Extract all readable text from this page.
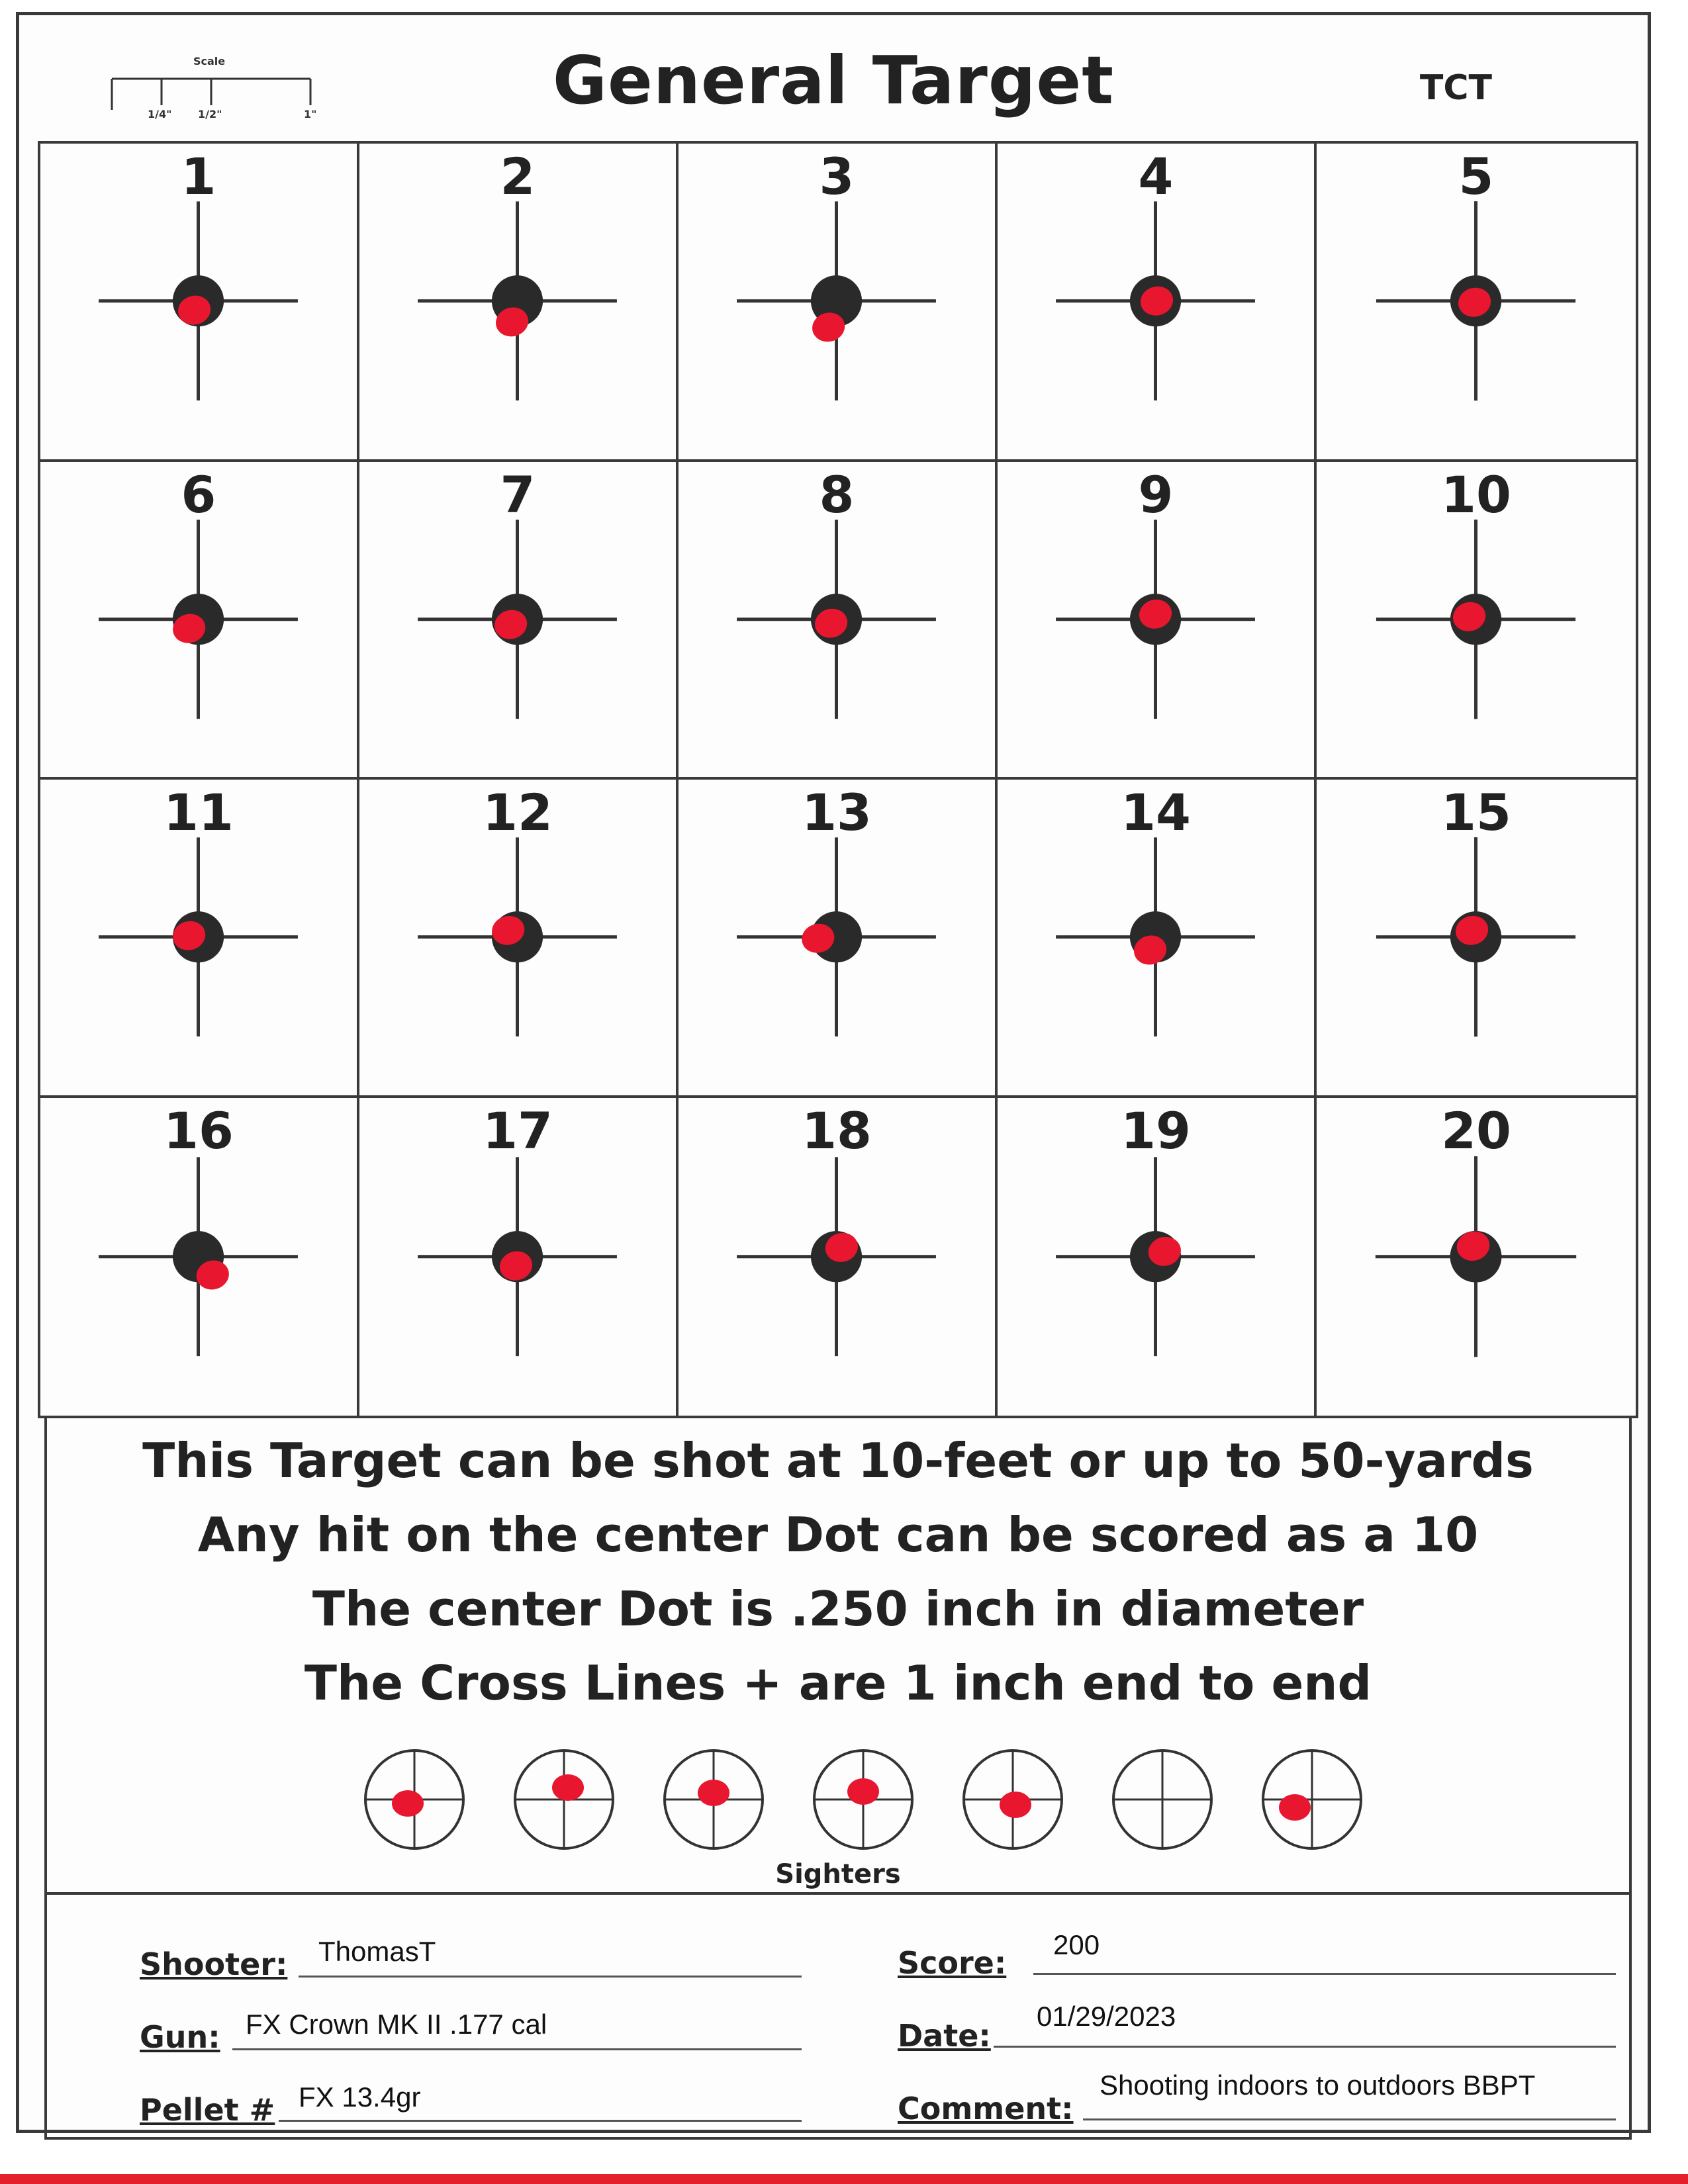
Scale
1/4" 1/2"	1"	General Target	TCT
1	2	3	4	5
6	7	8	9	10
11	12	13	14	15
16	17	18	19	20
This Target can be shot at 10-feet or up to 50-yards
Any hit on the center Dot can be scored as a 10
The center Dot is .250 inch in diameter
The Cross Lines + are 1 inch end to end
Sighters
Shooter: ThomasT	Score:
200
Gun: FX Crown MK II .177 cal	Date:
01/29/2023
Pellet # FX 13.4gr	Comment:
Shooting indoors to outdoors BBPT
